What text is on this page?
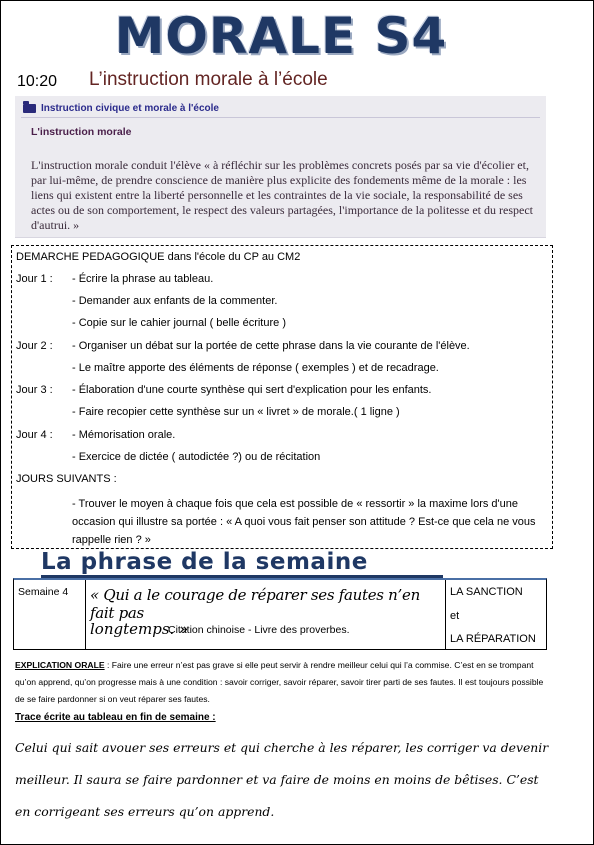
MORALE S4
10:20 L’instruction morale à l’école
Instruction civique et morale à l'école
L'instruction morale
L'instruction morale conduit l'élève « à réfléchir sur les problèmes concrets posés par sa vie d'écolier et, par lui-même, de prendre conscience de manière plus explicite des fondements même de la morale : les liens qui existent entre la liberté personnelle et les contraintes de la vie sociale, la responsabilité de ses actes ou de son comportement, le respect des valeurs partagées, l'importance de la politesse et du respect d'autrui. »
DEMARCHE PEDAGOGIQUE dans l'école du CP au CM2
Jour 1 : - Écrire la phrase au tableau.
- Demander aux enfants de la commenter.
- Copie sur le cahier journal ( belle écriture )
Jour 2 : - Organiser un débat sur la portée de cette phrase dans la vie courante de l'élève.
- Le maître apporte des éléments de réponse ( exemples ) et de recadrage.
Jour 3 : - Élaboration d'une courte synthèse qui sert d'explication pour les enfants.
- Faire recopier cette synthèse sur un « livret » de morale.( 1 ligne )
Jour 4 : - Mémorisation orale.
- Exercice de dictée ( autodictée ?) ou de récitation
JOURS SUIVANTS :
- Trouver le moyen à chaque fois que cela est possible de « ressortir » la maxime lors d'une occasion qui illustre sa portée : « A quoi vous fait penser son attitude ? Est-ce que cela ne vous rappelle rien ? »
La phrase de la semaine
Semaine 4 « Qui a le courage de réparer ses fautes n’en fait pas
longtemps. »
Citation chinoise - Livre des proverbes.
LA SANCTION
et
LA RÉPARATION
EXPLICATION ORALE : Faire une erreur n’est pas grave si elle peut servir à rendre meilleur celui qui l’a commise. C’est en se trompant qu’on apprend, qu’on progresse mais à une condition : savoir corriger, savoir réparer, savoir tirer parti de ses fautes. Il est toujours possible de se faire pardonner si on veut réparer ses fautes.
Trace écrite au tableau en fin de semaine :
Celui qui sait avouer ses erreurs et qui cherche à les réparer, les corriger va devenir meilleur. Il saura se faire pardonner et va faire de moins en moins de bêtises. C’est en corrigeant ses erreurs qu’on apprend.
